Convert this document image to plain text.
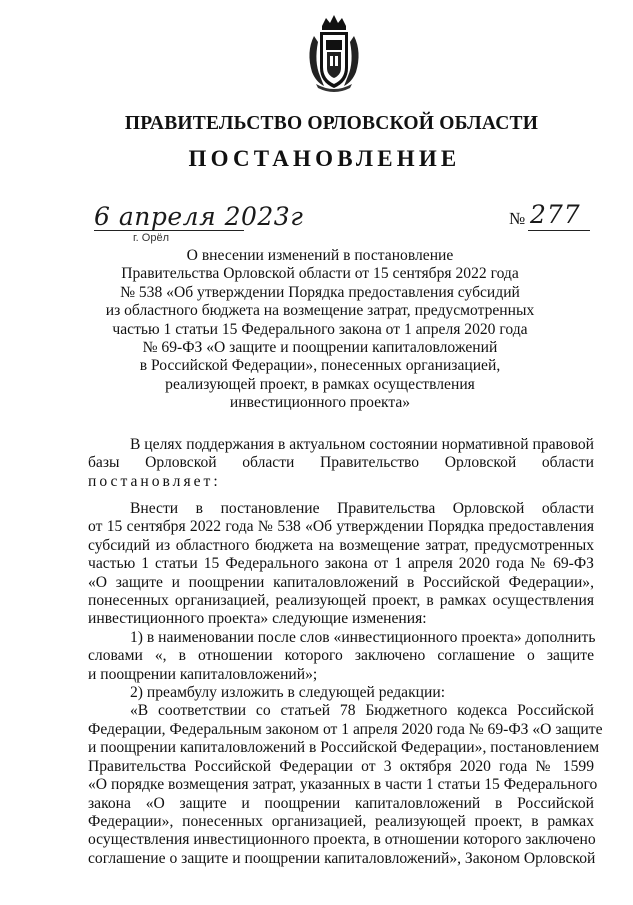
ПРАВИТЕЛЬСТВО ОРЛОВСКОЙ ОБЛАСТИ
ПОСТАНОВЛЕНИЕ
6 апреля 2023г
г. Орёл
№ 277
О внесении изменений в постановление
Правительства Орловской области от 15 сентября 2022 года
№ 538 «Об утверждении Порядка предоставления субсидий
из областного бюджета на возмещение затрат, предусмотренных
частью 1 статьи 15 Федерального закона от 1 апреля 2020 года
№ 69-ФЗ «О защите и поощрении капиталовложений
в Российской Федерации», понесенных организацией,
реализующей проект, в рамках осуществления
инвестиционного проекта»
В целях поддержания в актуальном состоянии нормативной правовой
базы Орловской области Правительство Орловской области
постановляет:
Внести в постановление Правительства Орловской области
от 15 сентября 2022 года № 538 «Об утверждении Порядка предоставления
субсидий из областного бюджета на возмещение затрат, предусмотренных
частью 1 статьи 15 Федерального закона от 1 апреля 2020 года № 69-ФЗ
«О защите и поощрении капиталовложений в Российской Федерации»,
понесенных организацией, реализующей проект, в рамках осуществления
инвестиционного проекта» следующие изменения:
1) в наименовании после слов «инвестиционного проекта» дополнить
словами «, в отношении которого заключено соглашение о защите
и поощрении капиталовложений»;
2) преамбулу изложить в следующей редакции:
«В соответствии со статьей 78 Бюджетного кодекса Российской
Федерации, Федеральным законом от 1 апреля 2020 года № 69-ФЗ «О защите
и поощрении капиталовложений в Российской Федерации», постановлением
Правительства Российской Федерации от 3 октября 2020 года № 1599
«О порядке возмещения затрат, указанных в части 1 статьи 15 Федерального
закона «О защите и поощрении капиталовложений в Российской
Федерации», понесенных организацией, реализующей проект, в рамках
осуществления инвестиционного проекта, в отношении которого заключено
соглашение о защите и поощрении капиталовложений», Законом Орловской
